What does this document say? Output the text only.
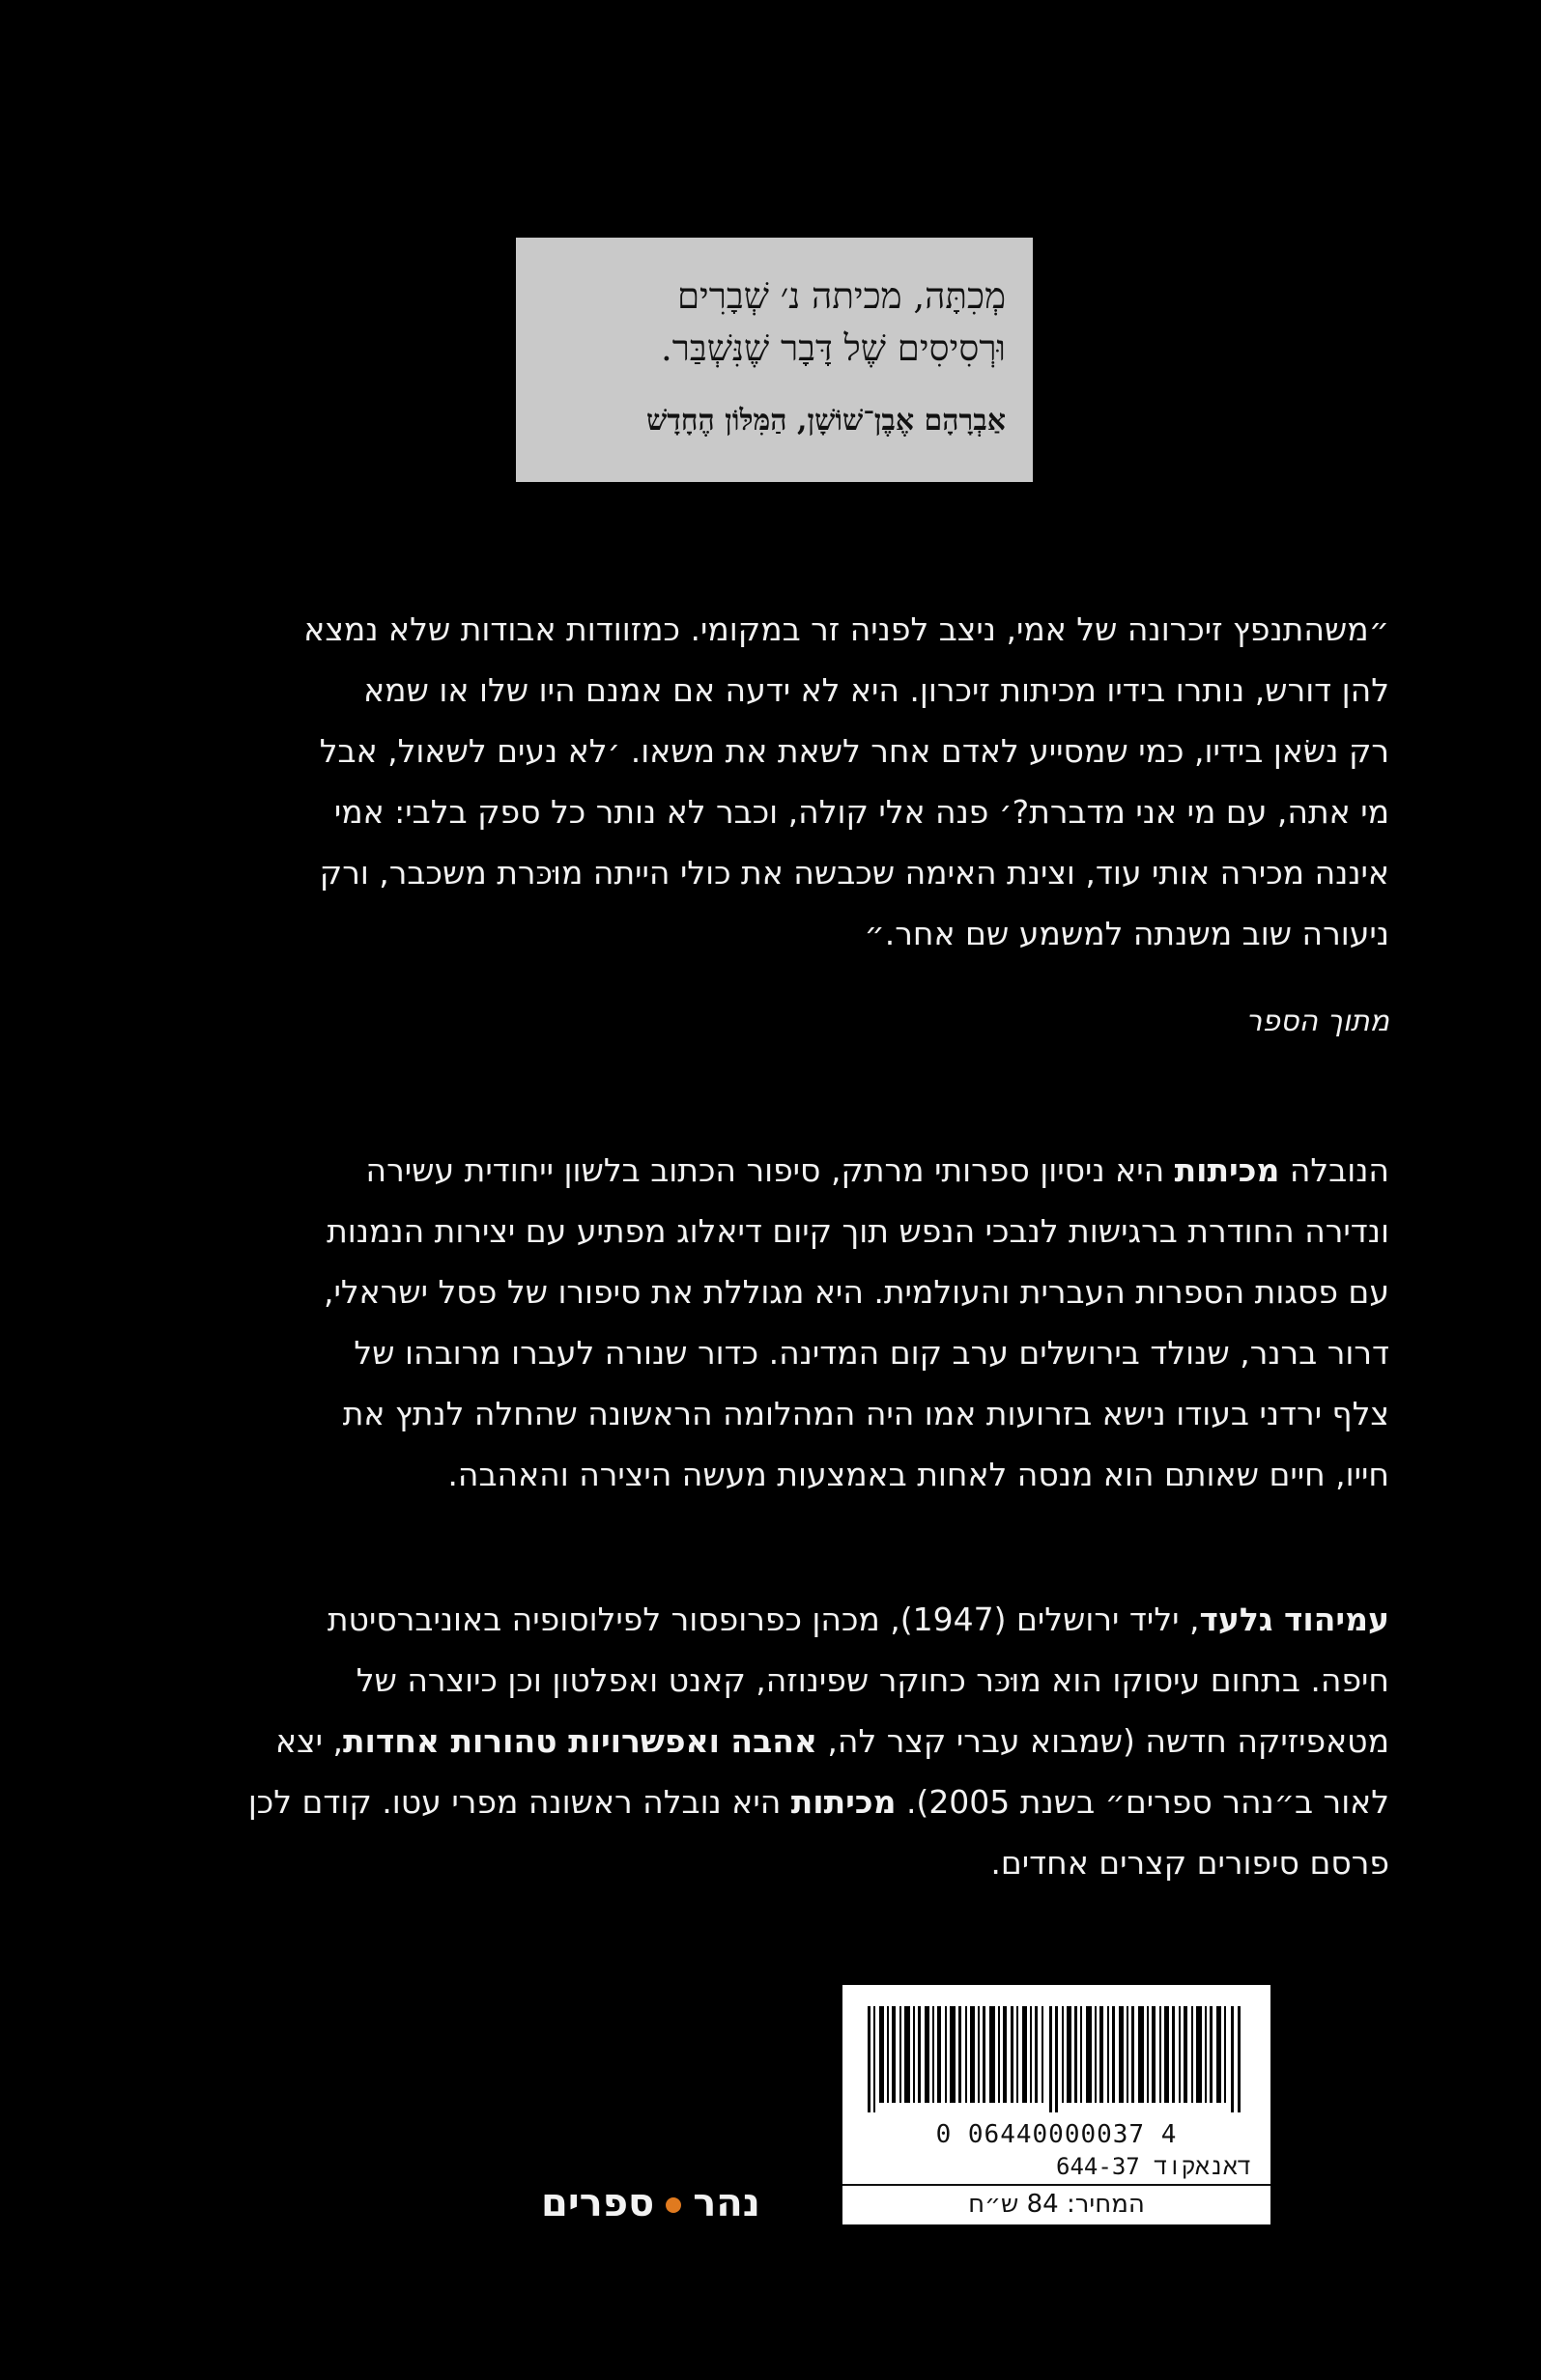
מְכִתָּה, מכיתה נ׳ שְׁבָרִים
וּרְסִיסִים שֶׁל דָּבָר שֶׁנִּשְׁבַּר.
אַבְרָהָם אֶבֶן־שׁוֹשָׁן, הַמִּלּוֹן הֶחָדָשׁ
״משהתנפץ זיכרונה של אמי, ניצב לפניה זר במקומי. כמזוודות אבודות שלא נמצא
להן דורש, נותרו בידיו מכיתות זיכרון. היא לא ידעה אם אמנם היו שלו או שמא
רק נשׂאן בידיו, כמי שמסייע לאדם אחר לשאת את משאו. ׳לא נעים לשאול, אבל
מי אתה, עם מי אני מדברת?׳ פנה אלי קולה, וכבר לא נותר כל ספק בלבי: אמי
איננה מכירה אותי עוד, וצינת האימה שכבשה את כולי הייתה מוּכּרת משכבר, ורק
ניעורה שוב משנתה למשמע שם אחר.״
מתוך הספר
הנובלה מכיתות היא ניסיון ספרותי מרתק, סיפור הכתוב בלשון ייחודית עשירה
ונדירה החודרת ברגישות לנבכי הנפש תוך קיום דיאלוג מפתיע עם יצירות הנמנות
עם פסגות הספרות העברית והעולמית. היא מגוללת את סיפורו של פסל ישראלי,
דרור ברנר, שנולד בירושלים ערב קום המדינה. כדור שנורה לעברו מרובהו של
צלף ירדני בעודו נישא בזרועות אמו היה המהלומה הראשונה שהחלה לנתץ את
חייו, חיים שאותם הוא מנסה לאחות באמצעות מעשה היצירה והאהבה.
עמיהוד גלעד, יליד ירושלים (1947), מכהן כפרופסור לפילוסופיה באוניברסיטת
חיפה. בתחום עיסוקו הוא מוּכּר כחוקר שפינוזה, קאנט ואפלטון וכן כיוצרה של
מטאפיזיקה חדשה (שמבוא עברי קצר לה, אהבה ואפשרויות טהורות אחדות, יצא
לאור ב״נהר ספרים״ בשנת 2005). מכיתות היא נובלה ראשונה מפרי עטו. קודם לכן
פרסם סיפורים קצרים אחדים.
0 06440000037 4
דאנאקוד 644-37
המחיר: 84 ש״ח
נהרספרים
